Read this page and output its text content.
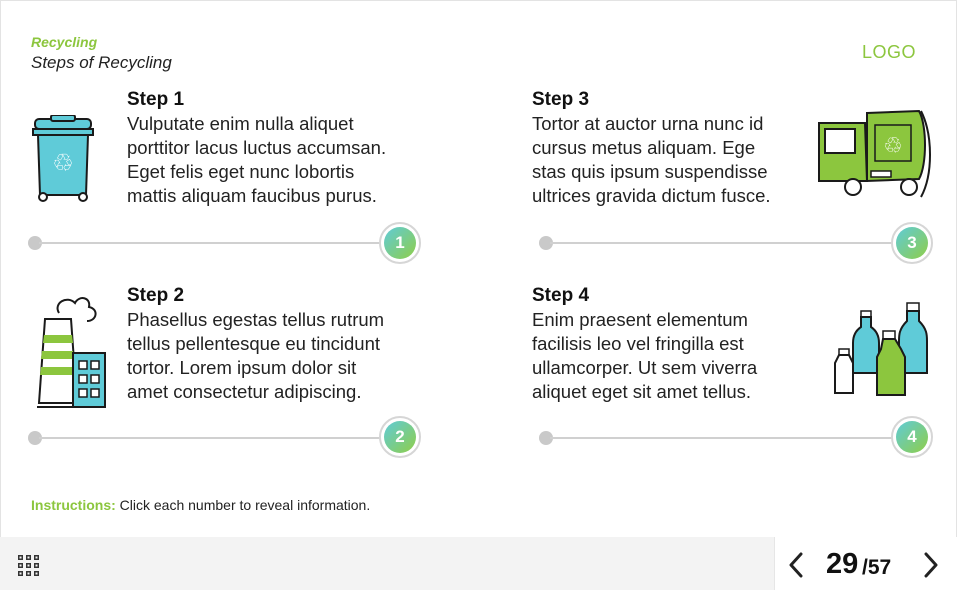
Recycling
Steps of Recycling
LOGO
♲
Step 1
Vulputate enim nulla aliquet
porttitor lacus luctus accumsan.
Eget felis eget nunc lobortis
mattis aliquam faucibus purus.
1
Step 2
Phasellus egestas tellus rutrum
tellus pellentesque eu tincidunt
tortor. Lorem ipsum dolor sit
amet consectetur adipiscing.
2
Step 3
Tortor at auctor urna nunc id
cursus metus aliquam. Ege
stas quis ipsum suspendisse
ultrices gravida dictum fusce.
♲
3
Step 4
Enim praesent elementum
facilisis leo vel fringilla est
ullamcorper. Ut sem viverra
aliquet eget sit amet tellus.
4
Instructions: Click each number to reveal information.
29 /57
